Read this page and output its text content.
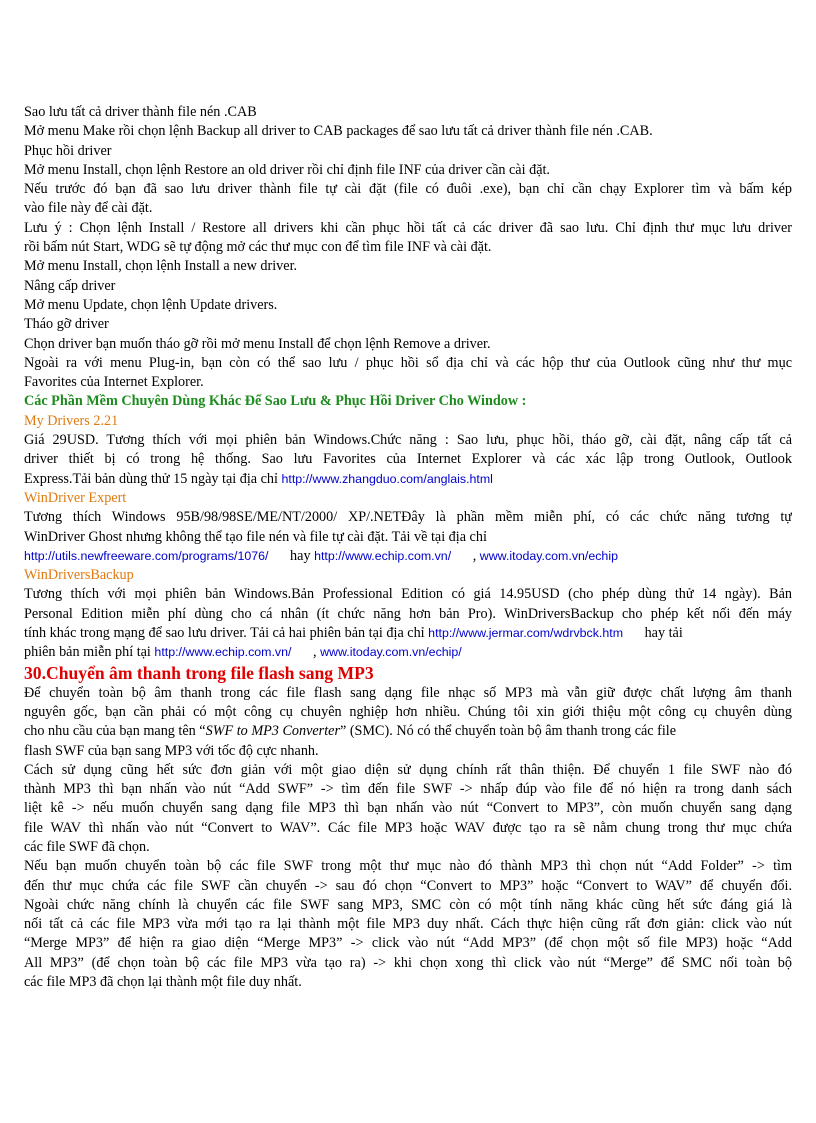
Sao lưu tất cả driver thành file nén .CAB
Mở menu Make rồi chọn lệnh Backup all driver to CAB packages để sao lưu tất cả driver thành file nén .CAB.
Phục hồi driver
Mở menu Install, chọn lệnh Restore an old driver rồi chỉ định file INF của driver cần cài đặt.
Nếu trước đó bạn đã sao lưu driver thành file tự cài đặt (file có đuôi .exe), bạn chỉ cần chạy Explorer tìm và bấm kép
vào file này để cài đặt.
Lưu ý : Chọn lệnh Install / Restore all drivers khi cần phục hồi tất cả các driver đã sao lưu. Chỉ định thư mục lưu driver
rồi bấm nút Start, WDG sẽ tự động mở các thư mục con để tìm file INF và cài đặt.
Mở menu Install, chọn lệnh Install a new driver.
Nâng cấp driver
Mở menu Update, chọn lệnh Update drivers.
Tháo gỡ driver
Chọn driver bạn muốn tháo gỡ rồi mở menu Install để chọn lệnh Remove a driver.
Ngoài ra với menu Plug-in, bạn còn có thể sao lưu / phục hồi sổ địa chỉ và các hộp thư của Outlook cũng như thư mục
Favorites của Internet Explorer.
Các Phần Mềm Chuyên Dùng Khác Để Sao Lưu & Phục Hồi Driver Cho Window :
My Drivers 2.21
Giá 29USD. Tương thích với mọi phiên bản Windows.Chức năng : Sao lưu, phục hồi, tháo gỡ, cài đặt, nâng cấp tất cả
driver thiết bị có trong hệ thống. Sao lưu Favorites của Internet Explorer và các xác lập trong Outlook, Outlook
Express.Tải bản dùng thử 15 ngày tại địa chỉ http://www.zhangduo.com/anglais.html
WinDriver Expert
Tương thích Windows 95B/98/98SE/ME/NT/2000/ XP/.NETĐây là phần mềm miễn phí, có các chức năng tương tự
WinDriver Ghost nhưng không thể tạo file nén và file tự cài đặt. Tải về tại địa chỉ
http://utils.newfreeware.com/programs/1076/ hay http://www.echip.com.vn/ , www.itoday.com.vn/echip
WinDriversBackup
Tương thích với mọi phiên bản Windows.Bản Professional Edition có giá 14.95USD (cho phép dùng thử 14 ngày). Bản
Personal Edition miễn phí dùng cho cá nhân (ít chức năng hơn bản Pro). WinDriversBackup cho phép kết nối đến máy
tính khác trong mạng để sao lưu driver. Tải cả hai phiên bản tại địa chỉ http://www.jermar.com/wdrvbck.htm hay tải
phiên bản miễn phí tại http://www.echip.com.vn/ , www.itoday.com.vn/echip/
30.Chuyển âm thanh trong file flash sang MP3
Để chuyển toàn bộ âm thanh trong các file flash sang dạng file nhạc số MP3 mà vẫn giữ được chất lượng âm thanh
nguyên gốc, bạn cần phải có một công cụ chuyên nghiệp hơn nhiều. Chúng tôi xin giới thiệu một công cụ chuyên dùng
cho nhu cầu của bạn mang tên “SWF to MP3 Converter” (SMC). Nó có thể chuyển toàn bộ âm thanh trong các file
flash SWF của bạn sang MP3 với tốc độ cực nhanh.
Cách sử dụng cũng hết sức đơn giản với một giao diện sử dụng chính rất thân thiện. Để chuyển 1 file SWF nào đó
thành MP3 thì bạn nhấn vào nút “Add SWF” -> tìm đến file SWF -> nhấp đúp vào file để nó hiện ra trong danh sách
liệt kê -> nếu muốn chuyển sang dạng file MP3 thì bạn nhấn vào nút “Convert to MP3”, còn muốn chuyển sang dạng
file WAV thì nhấn vào nút “Convert to WAV”. Các file MP3 hoặc WAV được tạo ra sẽ nằm chung trong thư mục chứa
các file SWF đã chọn.
Nếu bạn muốn chuyển toàn bộ các file SWF trong một thư mục nào đó thành MP3 thì chọn nút “Add Folder” -> tìm
đến thư mục chứa các file SWF cần chuyển -> sau đó chọn “Convert to MP3” hoặc “Convert to WAV” để chuyển đổi.
Ngoài chức năng chính là chuyển các file SWF sang MP3, SMC còn có một tính năng khác cũng hết sức đáng giá là
nối tất cả các file MP3 vừa mới tạo ra lại thành một file MP3 duy nhất. Cách thực hiện cũng rất đơn giản: click vào nút
“Merge MP3” để hiện ra giao diện “Merge MP3” -> click vào nút “Add MP3” (để chọn một số file MP3) hoặc “Add
All MP3” (để chọn toàn bộ các file MP3 vừa tạo ra) -> khi chọn xong thì click vào nút “Merge” để SMC nối toàn bộ
các file MP3 đã chọn lại thành một file duy nhất.
